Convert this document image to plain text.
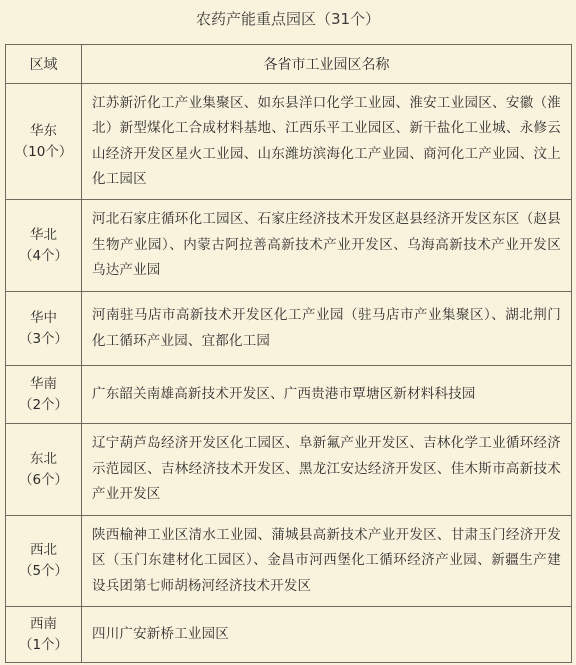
农药产能重点园区（31个）
区域	各省市工业园区名称

华东
（10个）	江苏新沂化工产业集聚区、如东县洋口化学工业园、淮安工业园区、安徽（淮北）新型煤化工合成材料基地、江西乐平工业园区、新干盐化工业城、永修云山经济开发区星火工业园、山东潍坊滨海化工产业园、商河化工产业园、汶上化工园区

华北
（4个）	河北石家庄循环化工园区、石家庄经济技术开发区赵县经济开发区东区（赵县生物产业园）、内蒙古阿拉善高新技术产业开发区、乌海高新技术产业开发区乌达产业园

华中
（3个）	河南驻马店市高新技术开发区化工产业园（驻马店市产业集聚区）、湖北荆门化工循环产业园、宜都化工园

华南
（2个）	广东韶关南雄高新技术开发区、广西贵港市覃塘区新材料科技园

东北
（6个）	辽宁葫芦岛经济开发区化工园区、阜新氟产业开发区、吉林化学工业循环经济示范园区、吉林经济技术开发区、黑龙江安达经济开发区、佳木斯市高新技术产业开发区

西北
（5个）	陕西榆神工业区清水工业园、蒲城县高新技术产业开发区、甘肃玉门经济开发区（玉门东建材化工园区）、金昌市河西堡化工循环经济产业园、新疆生产建设兵团第七师胡杨河经济技术开发区

西南
（1个）	四川广安新桥工业园区
